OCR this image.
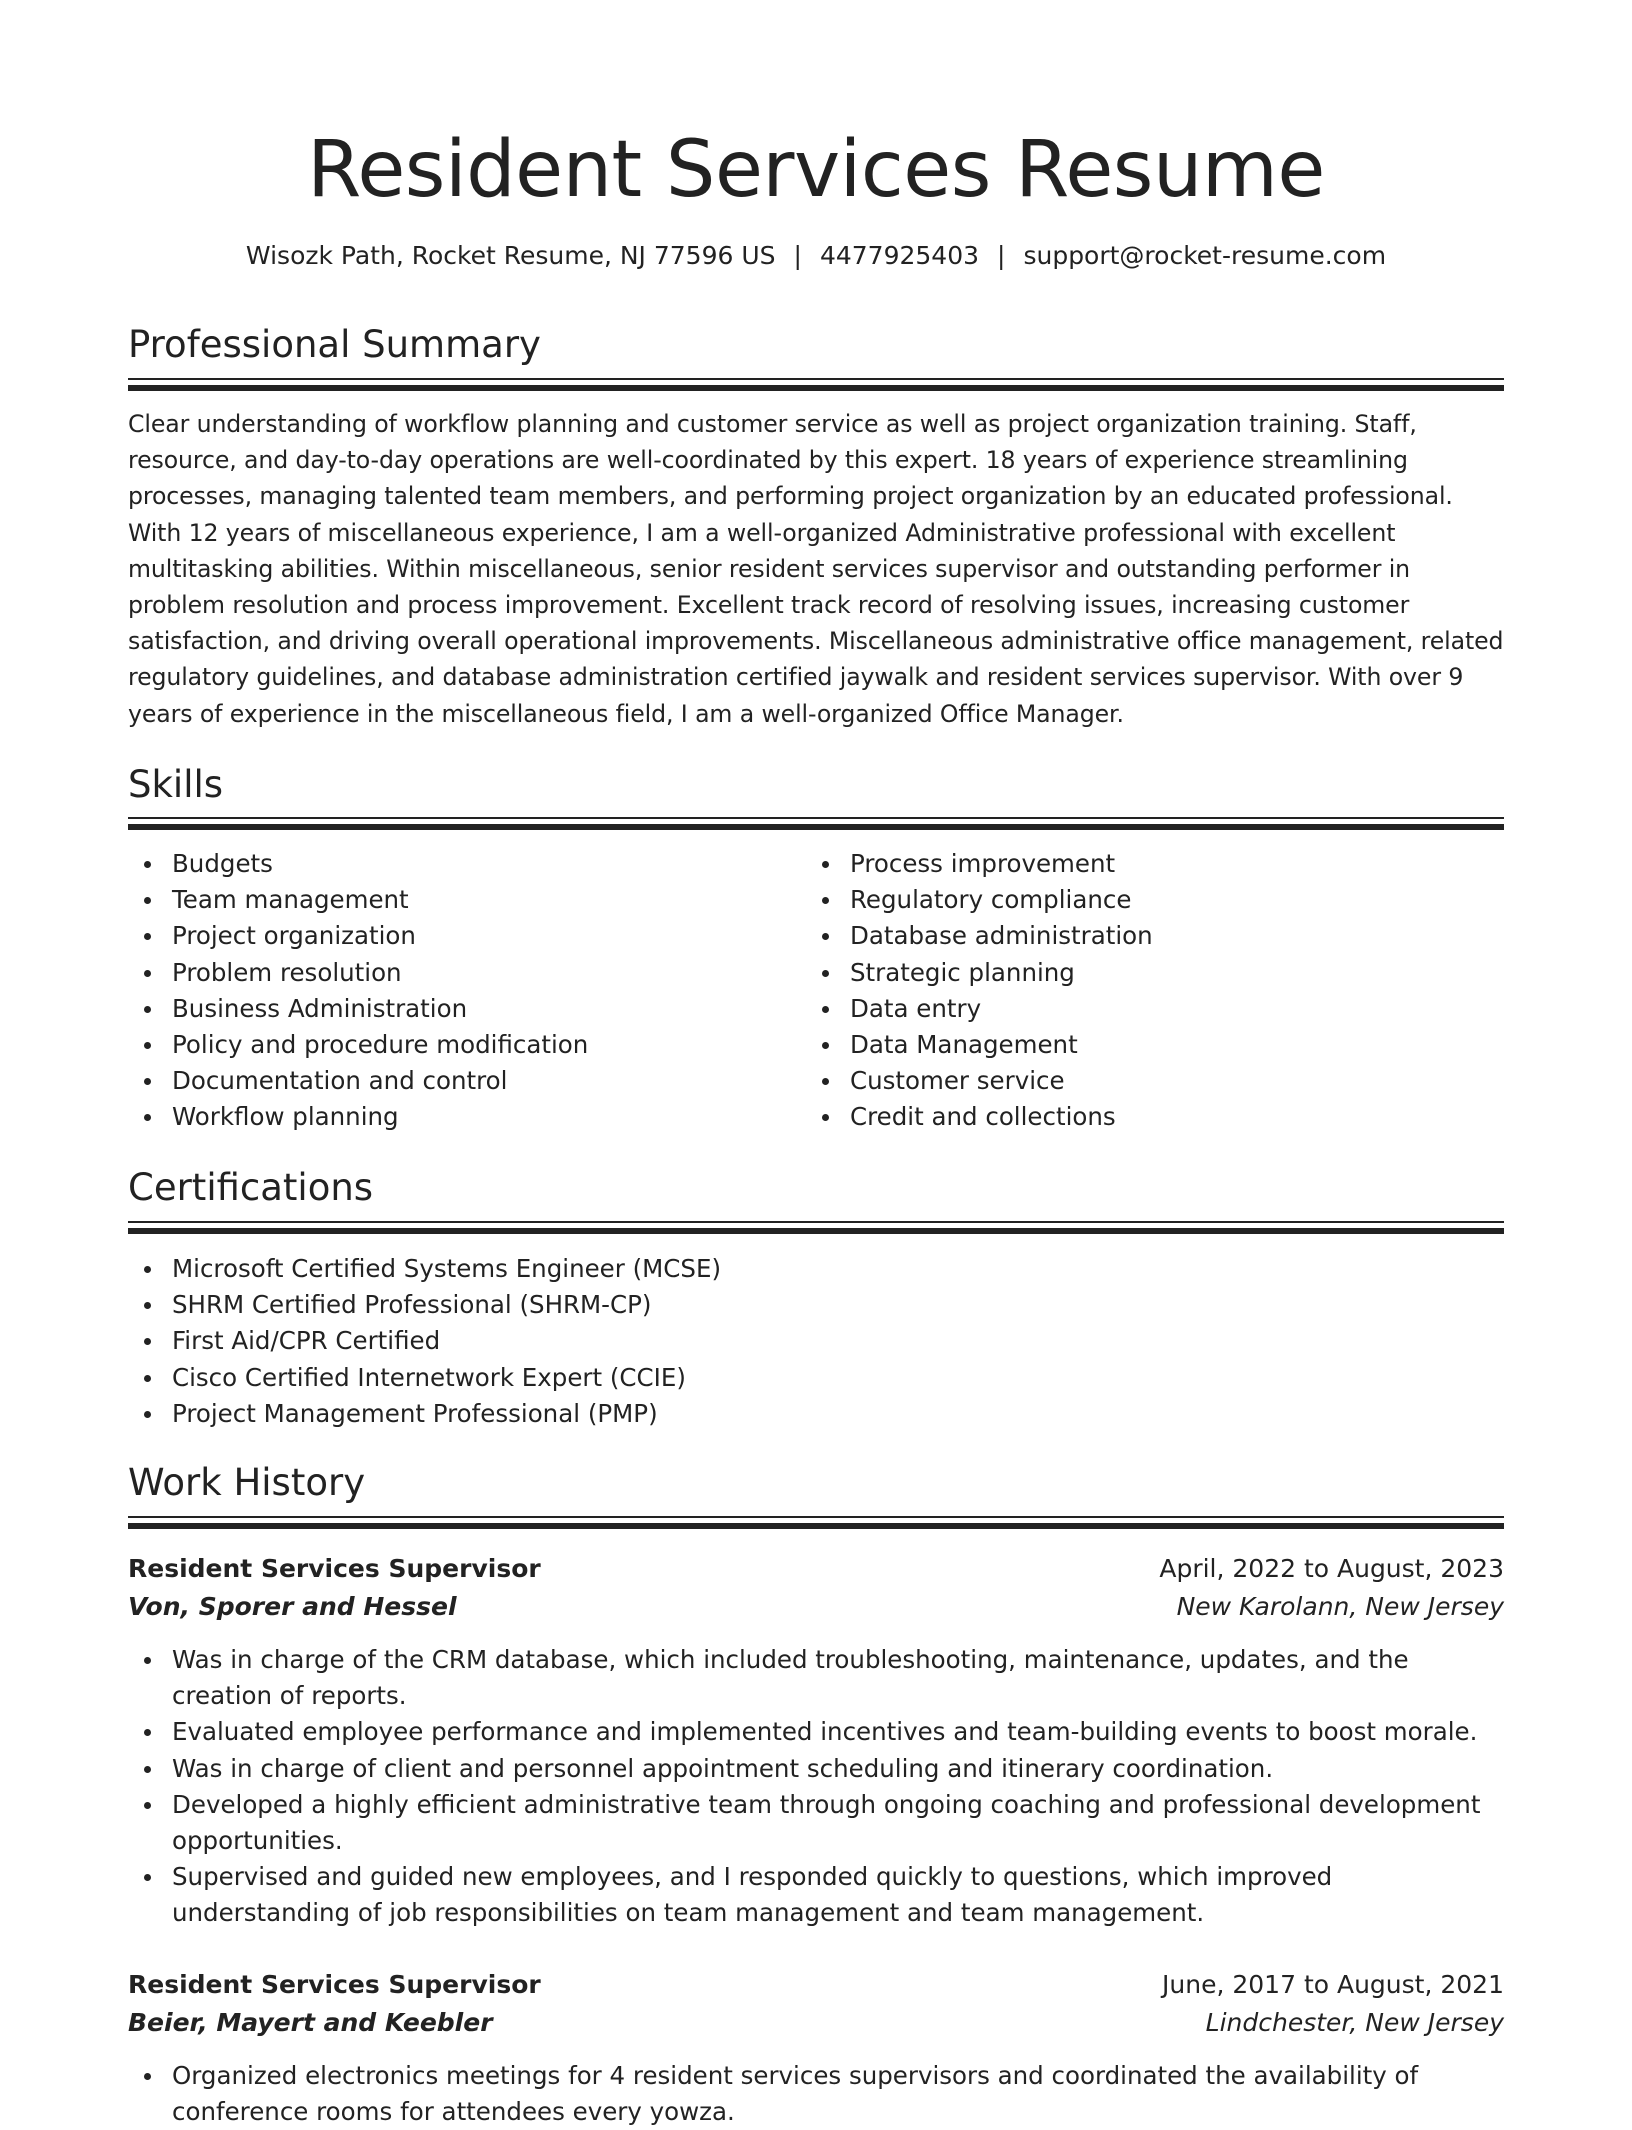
Resident Services Resume
Wisozk Path, Rocket Resume, NJ 77596 US | 4477925403 | support@rocket-resume.com
Professional Summary

Clear understanding of workflow planning and customer service as well as project organization training. Staff, resource, and day-to-day operations are well-coordinated by this expert. 18 years of experience streamlining processes, managing talented team members, and performing project organization by an educated professional. With 12 years of miscellaneous experience, I am a well-organized Administrative professional with excellent multitasking abilities. Within miscellaneous, senior resident services supervisor and outstanding performer in problem resolution and process improvement. Excellent track record of resolving issues, increasing customer satisfaction, and driving overall operational improvements. Miscellaneous administrative office management, related regulatory guidelines, and database administration certified jaywalk and resident services supervisor. With over 9 years of experience in the miscellaneous field, I am a well-organized Office Manager.

Skills
Budgets
Team management
Project organization
Problem resolution
Business Administration
Policy and procedure modification
Documentation and control
Workflow planning
Process improvement
Regulatory compliance
Database administration
Strategic planning
Data entry
Data Management
Customer service
Credit and collections
Certifications
Microsoft Certified Systems Engineer (MCSE)
SHRM Certified Professional (SHRM-CP)
First Aid/CPR Certified
Cisco Certified Internetwork Expert (CCIE)
Project Management Professional (PMP)
Work History
Resident Services Supervisor	April, 2022 to August, 2023
Von, Sporer and Hessel	New Karolann, New Jersey
Was in charge of the CRM database, which included troubleshooting, maintenance, updates, and the creation of reports.
Evaluated employee performance and implemented incentives and team-building events to boost morale.
Was in charge of client and personnel appointment scheduling and itinerary coordination.
Developed a highly efficient administrative team through ongoing coaching and professional development opportunities.
Supervised and guided new employees, and I responded quickly to questions, which improved understanding of job responsibilities on team management and team management.
Resident Services Supervisor	June, 2017 to August, 2021
Beier, Mayert and Keebler	Lindchester, New Jersey
Organized electronics meetings for 4 resident services supervisors and coordinated the availability of conference rooms for attendees every yowza.
